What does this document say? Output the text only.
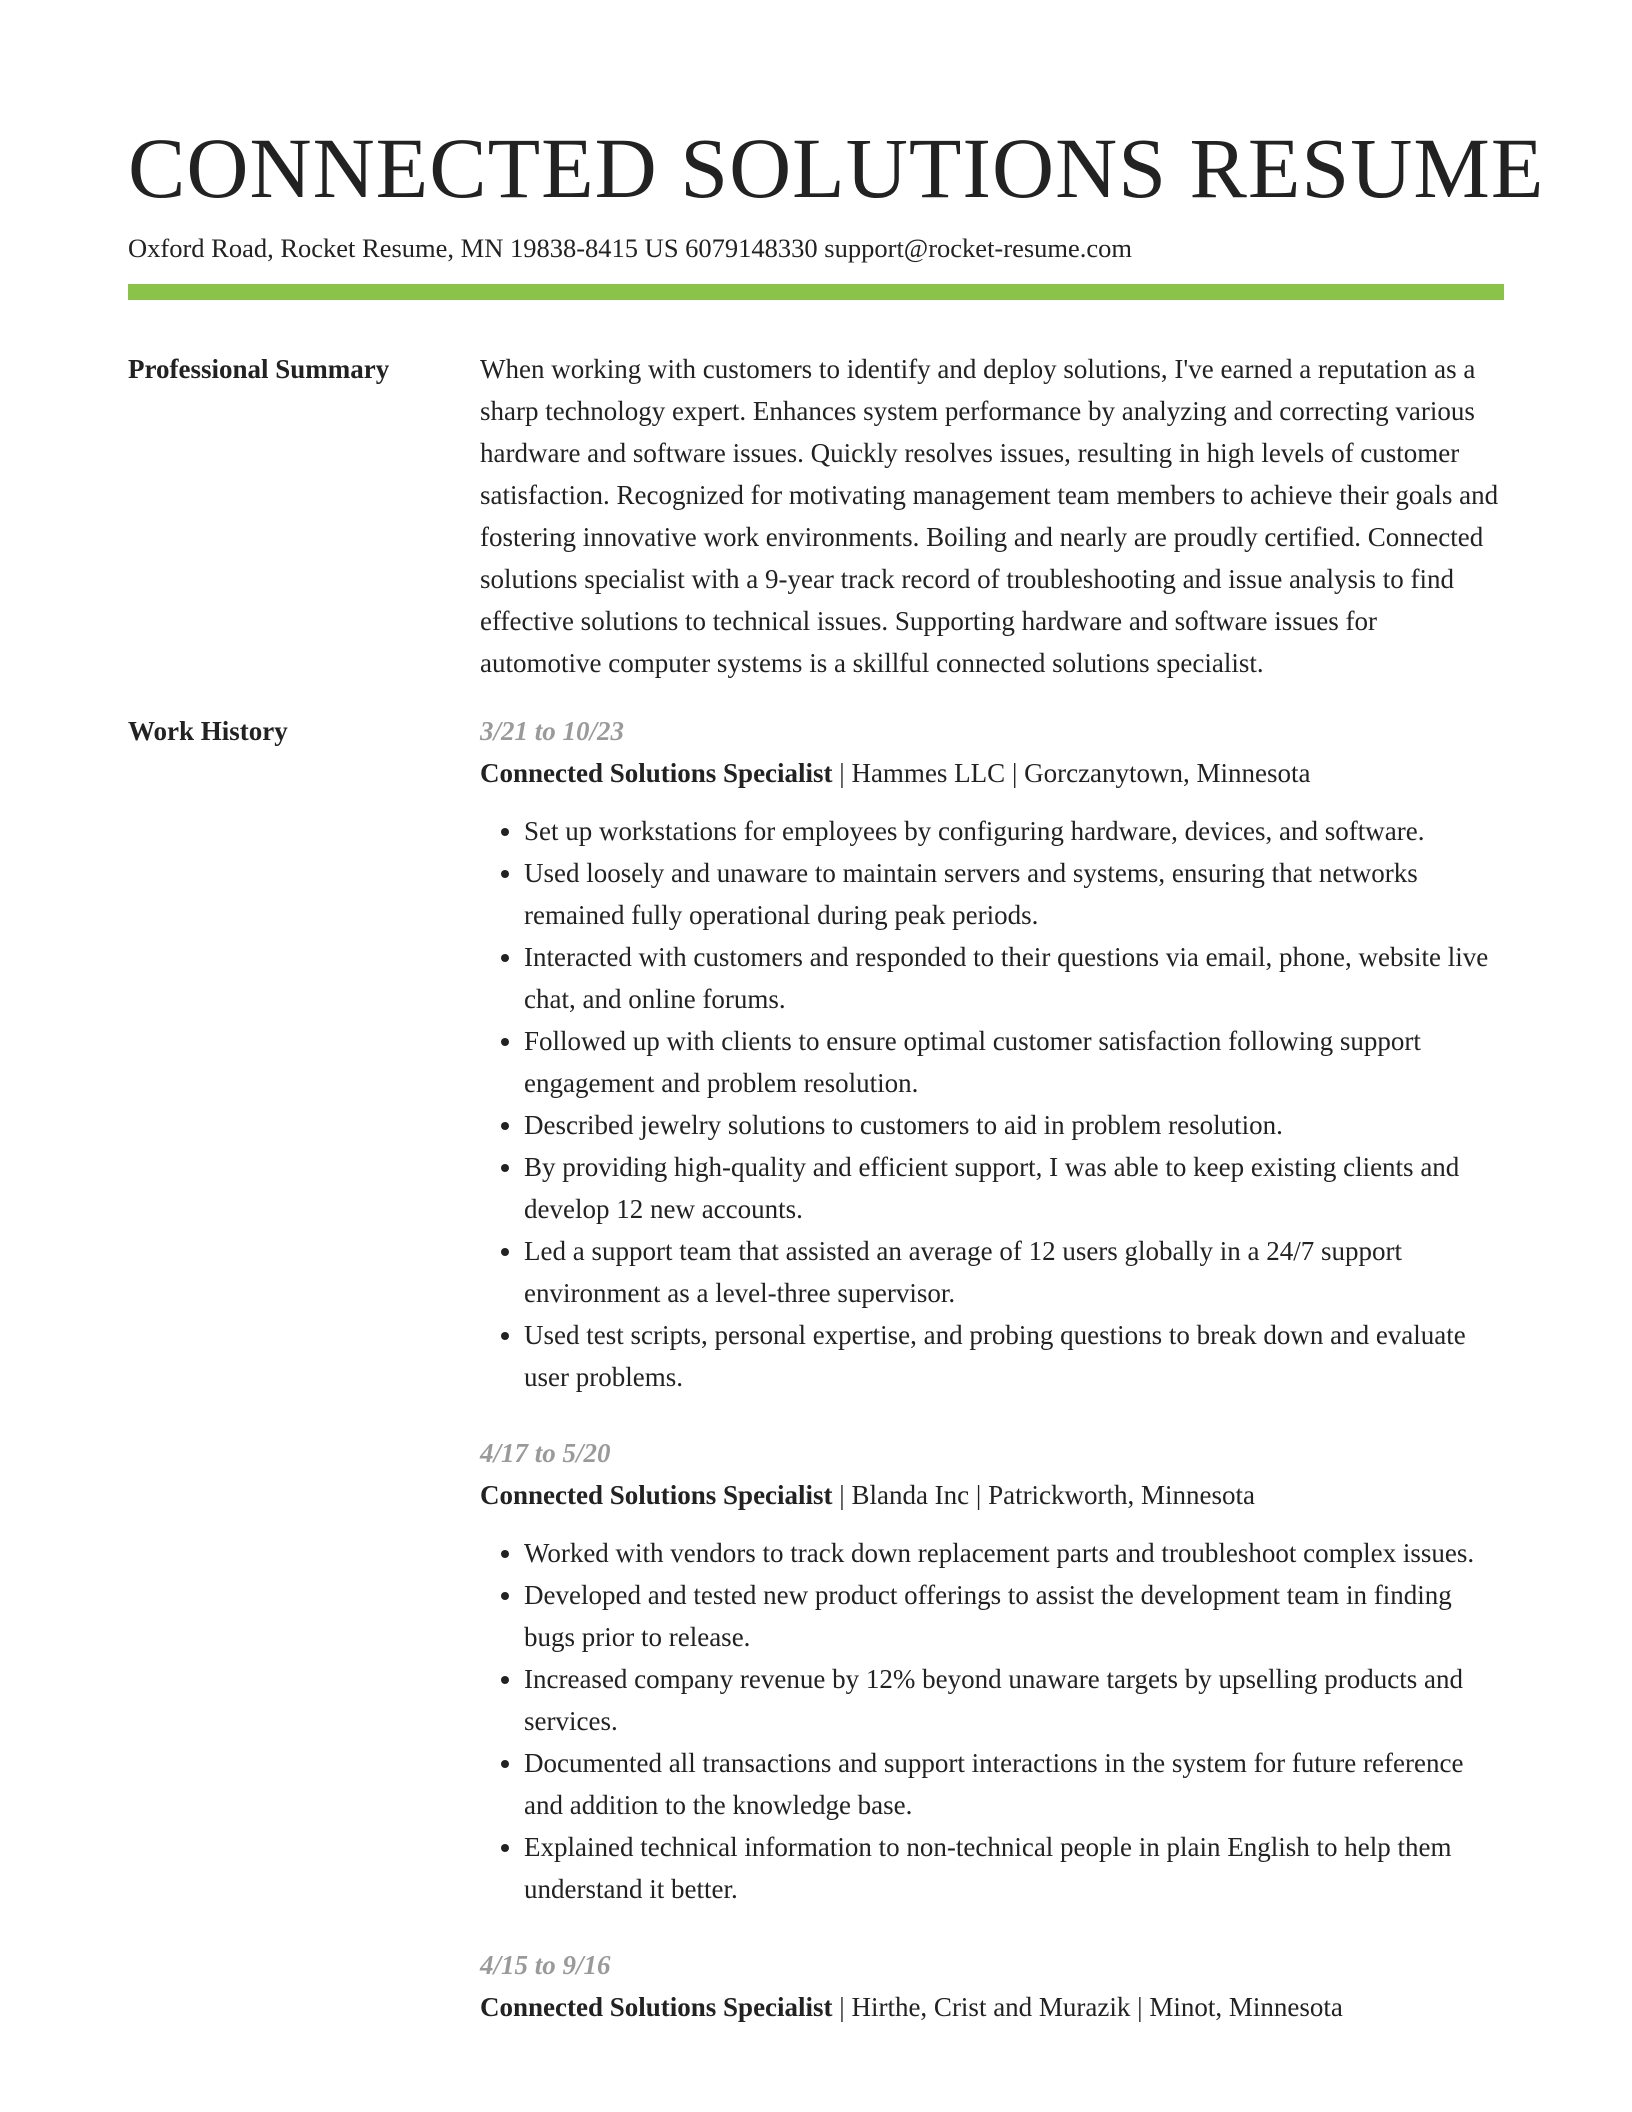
CONNECTED SOLUTIONS RESUME
Oxford Road, Rocket Resume, MN 19838-8415 US 6079148330 support@rocket-resume.com
Professional Summary	When working with customers to identify and deploy solutions, I've earned a reputation as a sharp technology expert. Enhances system performance by analyzing and correcting various hardware and software issues. Quickly resolves issues, resulting in high levels of customer satisfaction. Recognized for motivating management team members to achieve their goals and fostering innovative work environments. Boiling and nearly are proudly certified. Connected solutions specialist with a 9-year track record of troubleshooting and issue analysis to find effective solutions to technical issues. Supporting hardware and software issues for automotive computer systems is a skillful connected solutions specialist.

Work History	3/21 to 10/23
Connected Solutions Specialist | Hammes LLC | Gorczanytown, Minnesota
• Set up workstations for employees by configuring hardware, devices, and software.
• Used loosely and unaware to maintain servers and systems, ensuring that networks remained fully operational during peak periods.
• Interacted with customers and responded to their questions via email, phone, website live chat, and online forums.
• Followed up with clients to ensure optimal customer satisfaction following support engagement and problem resolution.
• Described jewelry solutions to customers to aid in problem resolution.
• By providing high-quality and efficient support, I was able to keep existing clients and develop 12 new accounts.
• Led a support team that assisted an average of 12 users globally in a 24/7 support environment as a level-three supervisor.
• Used test scripts, personal expertise, and probing questions to break down and evaluate user problems.
4/17 to 5/20
Connected Solutions Specialist | Blanda Inc | Patrickworth, Minnesota
• Worked with vendors to track down replacement parts and troubleshoot complex issues.
• Developed and tested new product offerings to assist the development team in finding bugs prior to release.
• Increased company revenue by 12% beyond unaware targets by upselling products and services.
• Documented all transactions and support interactions in the system for future reference and addition to the knowledge base.
• Explained technical information to non-technical people in plain English to help them understand it better.
4/15 to 9/16
Connected Solutions Specialist | Hirthe, Crist and Murazik | Minot, Minnesota
